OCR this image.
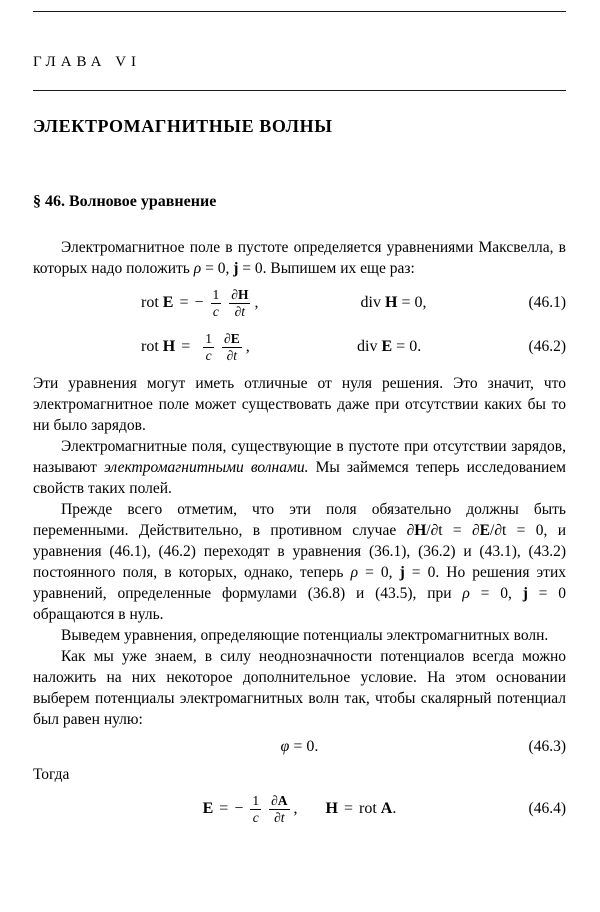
ГЛАВА VI
ЭЛЕКТРОМАГНИТНЫЕ ВОЛНЫ
§ 46. Волновое уравнение

Электромагнитное поле в пустоте определяется уравнениями Максвелла, в которых надо положить ρ = 0, j = 0. Выпишем их еще раз:

rot E = − $\frac{1}{c} \frac{\partial H}{\partial t}$ ,	div H = 0,	(46.1)
rot $H = \frac{1}{c} \frac{\partial E}{\partial t}$ ,	div E = 0.	(46.2)

Эти уравнения могут иметь отличные от нуля решения. Это значит, что электромагнитное поле может существовать даже при отсутствии каких бы то ни было зарядов.

Электромагнитные поля, существующие в пустоте при отсутствии зарядов, называют электромагнитными волнами. Мы займемся теперь исследованием свойств таких полей.

Прежде всего отметим, что эти поля обязательно должны быть переменными. Действительно, в противном случае ∂H/∂t = ∂E/∂t = 0, и уравнения (46.1), (46.2) переходят в уравнения (36.1), (36.2) и (43.1), (43.2) постоянного поля, в которых, однако, теперь ρ = 0, j = 0. Но решения этих уравнений, определенные формулами (36.8) и (43.5), при ρ = 0, j = 0 обращаются в нуль.

Выведем уравнения, определяющие потенциалы электромагнитных волн.

Как мы уже знаем, в силу неоднозначности потенциалов всегда можно наложить на них некоторое дополнительное условие. На этом основании выберем потенциалы электромагнитных волн так, чтобы скалярный потенциал был равен нулю:

φ = 0.	(46.3)

Тогда

E = − $\frac{1}{c} \frac{\partial A}{\partial t}$ , H = rot A .	(46.4)
